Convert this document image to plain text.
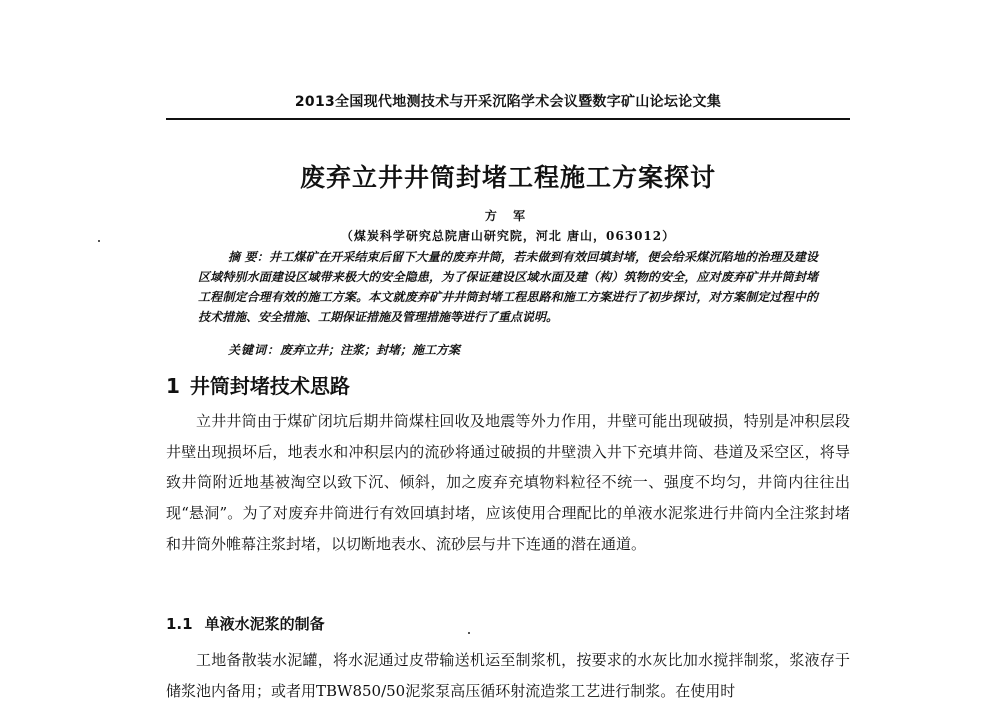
2013全国现代地测技术与开采沉陷学术会议暨数字矿山论坛论文集
废弃立井井筒封堵工程施工方案探讨
方 军
（煤炭科学研究总院唐山研究院，河北 唐山，063012）

摘 要：井工煤矿在开采结束后留下大量的废弃井筒，若未做到有效回填封堵，便会给采煤沉陷地的治理及建设区域特别水面建设区域带来极大的安全隐患，为了保证建设区域水面及建（构）筑物的安全，应对废弃矿井井筒封堵工程制定合理有效的施工方案。本文就废弃矿井井筒封堵工程思路和施工方案进行了初步探讨，对方案制定过程中的技术措施、安全措施、工期保证措施及管理措施等进行了重点说明。

关键词：废弃立井；注浆；封堵；施工方案
1 井筒封堵技术思路

立井井筒由于煤矿闭坑后期井筒煤柱回收及地震等外力作用，井壁可能出现破损，特别是冲积层段井壁出现损坏后，地表水和冲积层内的流砂将通过破损的井壁溃入井下充填井筒、巷道及采空区，将导致井筒附近地基被淘空以致下沉、倾斜，加之废弃充填物料粒径不统一、强度不均匀，井筒内往往出现“悬洞”。为了对废弃井筒进行有效回填封堵，应该使用合理配比的单液水泥浆进行井筒内全注浆封堵和井筒外帷幕注浆封堵，以切断地表水、流砂层与井下连通的潜在通道。

1.1 单液水泥浆的制备

工地备散装水泥罐，将水泥通过皮带输送机运至制浆机，按要求的水灰比加水搅拌制浆，浆液存于储浆池内备用；或者用TBW850/50泥浆泵高压循环射流造浆工艺进行制浆。在使用时
